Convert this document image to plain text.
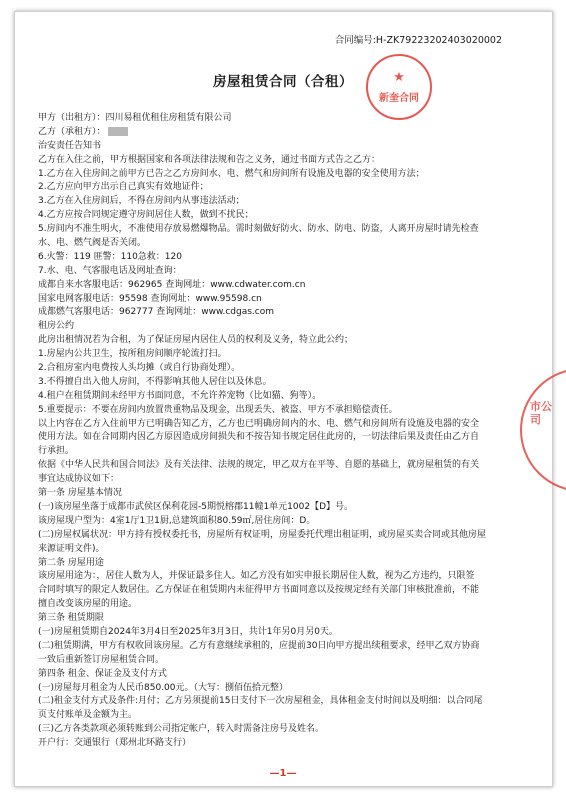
合同编号:H-ZK79223202403020002
房屋租赁合同（合租）	★
新奎合同
甲方（出租方）：四川易租优租住房租赁有限公司
乙方（承租方）：
治安责任告知书
乙方在入住之前，甲方根据国家和各项法律法规和告之义务，通过书面方式告之乙方：
1.乙方在入住房间之前甲方已告之乙方房间水、电、燃气和房间所有设施及电器的安全使用方法；
2.乙方应向甲方出示自己真实有效地证件；
3.乙方在入住房间后，不得在房间内从事违法活动；
4.乙方应按合同规定遵守房间居住人数，做到不扰民；
5.房间内不准生明火，不准使用存放易燃爆物品。需时刻做好防火、防水、防电、防盗，人离开房屋时请先检查
水、电、燃气阀是否关闭。
6.火警：119 匪警：110急救：120
7.水、电、气客服电话及网址查询：
成都自来水客服电话：962965 查询网址：www.cdwater.com.cn
国家电网客服电话：95598 查询网址：www.95598.cn
成都燃气客服电话：962777 查询网址：www.cdgas.com
租房公约
此房出租情况若为合租，为了保证房屋内居住人员的权利及义务，特立此公约；
1.房屋内公共卫生，按所租房间顺序轮流打扫。
2.合租房室内电费按人头均摊（或自行协商处理）。
3.不得擅自出入他人房间，不得影响其他人居住以及休息。
4.租户在租赁期间未经甲方书面同意，不允许养宠物（比如猫、狗等）。
5.重要提示：不要在房间内放置贵重物品及现金，出现丢失、被盗、甲方不承担赔偿责任。
以上内容在乙方入住前甲方已明确告知乙方，乙方也已明确房间内的水、电、燃气和房间所有设施及电器的安全
使用方法。如在合同期内因乙方原因造成房间损失和不按告知书规定居住此房的，一切法律后果及责任由乙方自
行承担。
依据《中华人民共和国合同法》及有关法律、法规的规定，甲乙双方在平等、自愿的基础上，就房屋租赁的有关
事宜达成协议如下：
第一条 房屋基本情况
(一)该房屋坐落于成都市武侯区保利花园-5期悦榕郡11幢1单元1002【D】号。
该房屋现户型为：4室1厅1卫1厨,总建筑面积80.59㎡,居住房间：D。
(二)房屋权属状况：甲方持有授权委托书，房屋所有权证明，房屋委托代理出租证明，或房屋买卖合同或其他房屋
来源证明文件)。
第二条 房屋用途
该房屋用途为：，居住人数为人，并保证最多住人。如乙方没有如实申报长期居住人数，视为乙方违约，只限签
合同时填写的限定人数居住。乙方保证在租赁期内未征得甲方书面同意以及按规定经有关部门审核批准前，不能
擅自改变该房屋的用途。
第三条 租赁期限
(一)房屋租赁期自2024年3月4日至2025年3月3日，共计1年另0月另0天。
(二)租赁期满，甲方有权收回该房屋。乙方有意继续承租的，应提前30日向甲方提出续租要求，经甲乙双方协商
一致后重新签订房屋租赁合同。
第四条 租金、保证金及支付方式
(一)房屋每月租金为人民币850.00元。（大写：捌佰伍拾元整）
(二)租金支付方式及条件:月付；乙方另须提前15日支付下一次房屋租金，具体租金支付时间以及明细：以合同尾
页支付账单及金额为主。
(三)乙方各类款项必须转账到公司指定帐户，转入时需备注房号及姓名。
开户行：交通银行（郑州北环路支行）
市公司
—1—
